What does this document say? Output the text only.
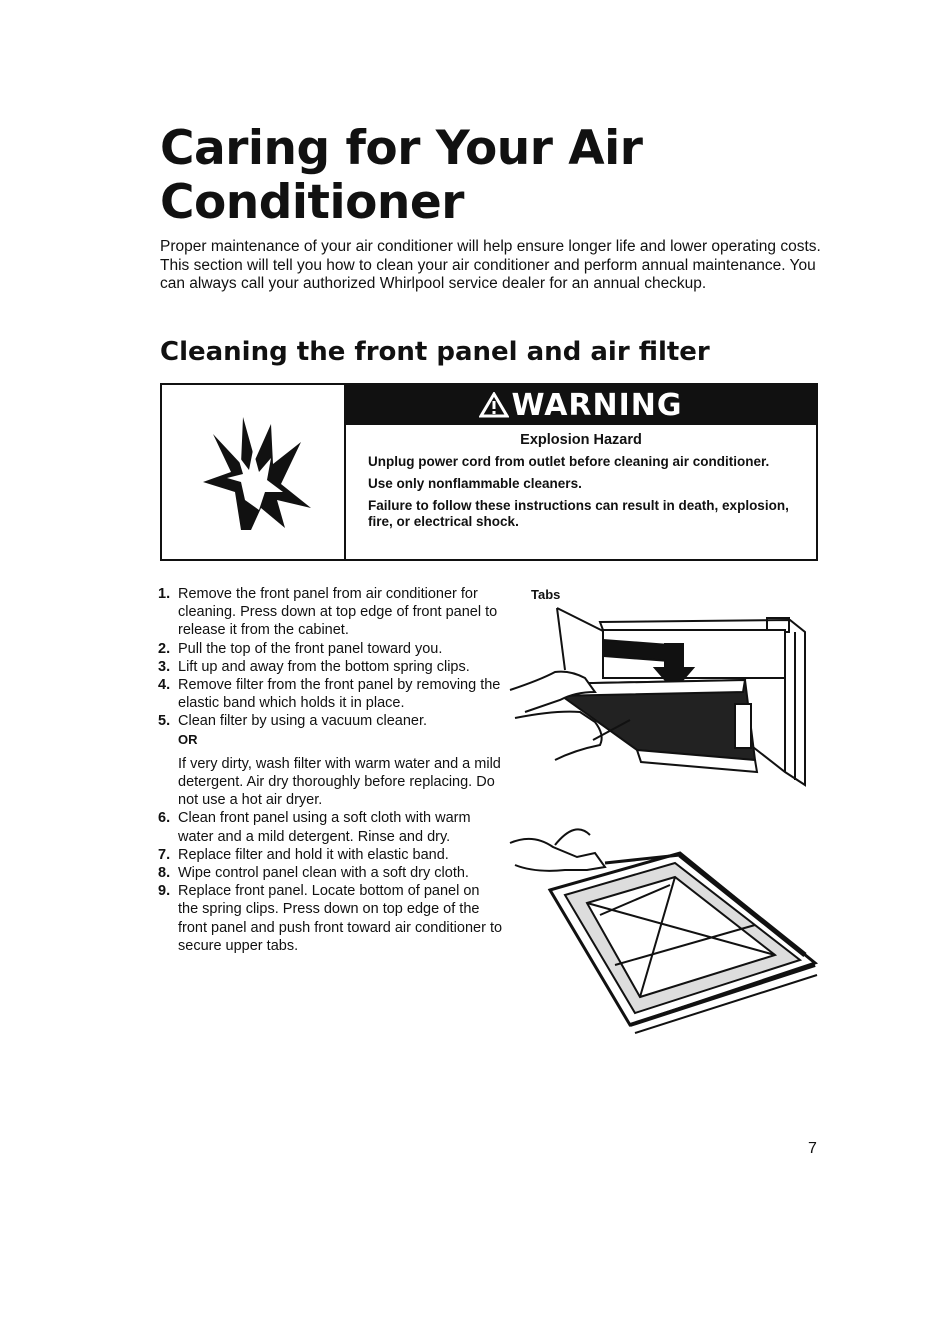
Caring for Your Air Conditioner

Proper maintenance of your air conditioner will help ensure longer life and lower operating costs. This section will tell you how to clean your air conditioner and perform annual maintenance. You can always call your authorized Whirlpool service dealer for an annual checkup.

Cleaning the front panel and air filter
WARNING
Explosion Hazard
Unplug power cord from outlet before cleaning air conditioner.
Use only nonflammable cleaners.
Failure to follow these instructions can result in death, explosion, fire, or electrical shock.
1. Remove the front panel from air conditioner for cleaning. Press down at top edge of front panel to release it from the cabinet.
2. Pull the top of the front panel toward you.
3. Lift up and away from the bottom spring clips.
4. Remove filter from the front panel by removing the elastic band which holds it in place.
5. Clean filter by using a vacuum cleaner.
OR
If very dirty, wash filter with warm water and a mild detergent. Air dry thoroughly before replacing. Do not use a hot air dryer.
6. Clean front panel using a soft cloth with warm water and a mild detergent. Rinse and dry.
7. Replace filter and hold it with elastic band.
8. Wipe control panel clean with a soft dry cloth.
9. Replace front panel. Locate bottom of panel on the spring clips. Press down on top edge of the front panel and push front toward air conditioner to secure upper tabs.
Tabs
7
